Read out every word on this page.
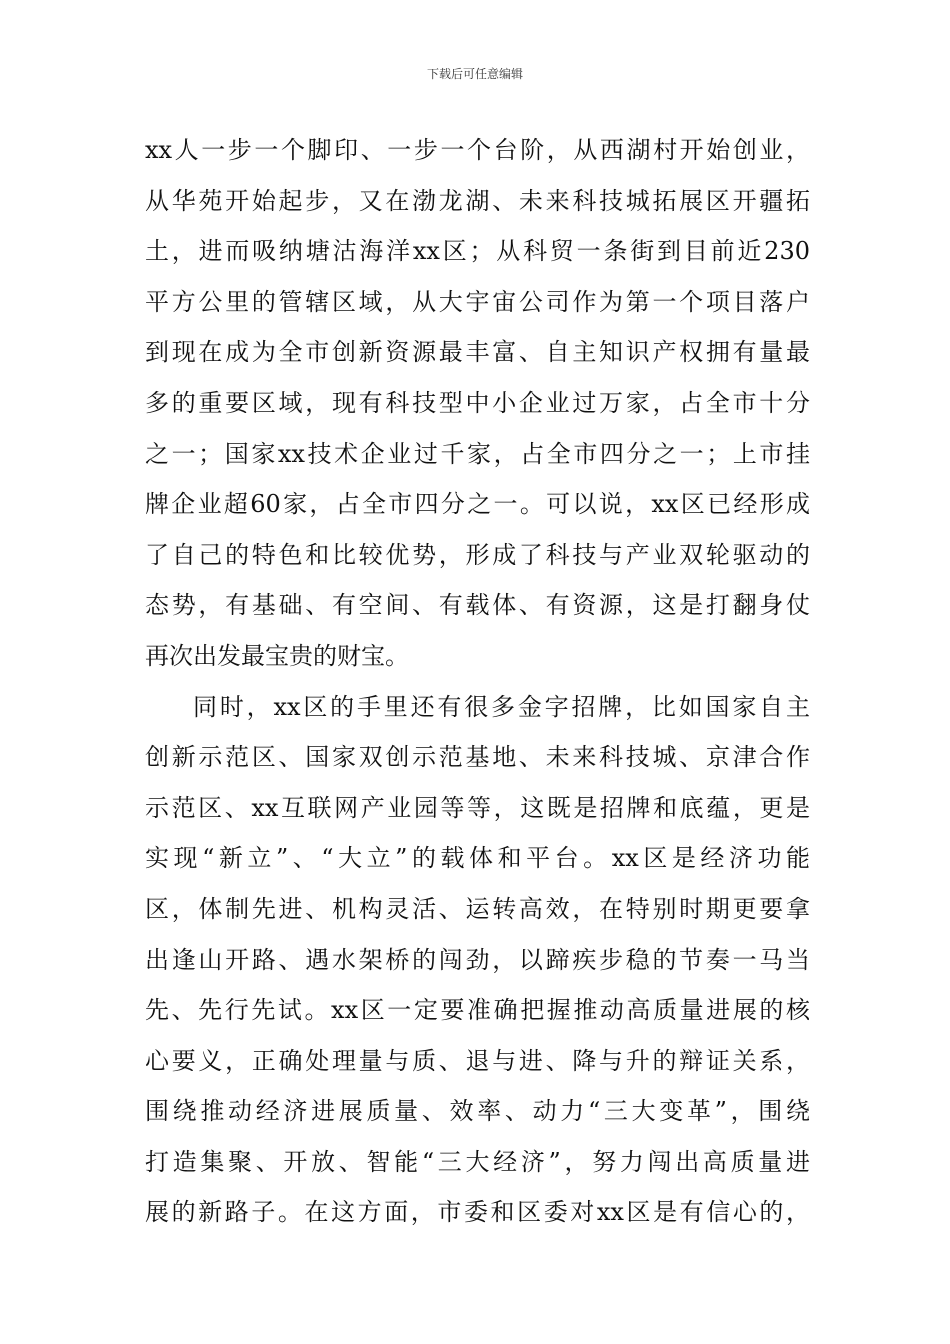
下载后可任意编辑
xx人一步一个脚印、一步一个台阶，从西湖村开始创业，
从华苑开始起步，又在渤龙湖、未来科技城拓展区开疆拓
土，进而吸纳塘沽海洋xx区；从科贸一条街到目前近230
平方公里的管辖区域，从大宇宙公司作为第一个项目落户
到现在成为全市创新资源最丰富、自主知识产权拥有量最
多的重要区域，现有科技型中小企业过万家，占全市十分
之一；国家xx技术企业过千家，占全市四分之一；上市挂
牌企业超60家，占全市四分之一。可以说，xx区已经形成
了自己的特色和比较优势，形成了科技与产业双轮驱动的
态势，有基础、有空间、有载体、有资源，这是打翻身仗
再次出发最宝贵的财宝。
同时，xx区的手里还有很多金字招牌，比如国家自主
创新示范区、国家双创示范基地、未来科技城、京津合作
示范区、xx互联网产业园等等，这既是招牌和底蕴，更是
实现“新立”、“大立”的载体和平台。xx区是经济功能
区，体制先进、机构灵活、运转高效，在特别时期更要拿
出逢山开路、遇水架桥的闯劲，以蹄疾步稳的节奏一马当
先、先行先试。xx区一定要准确把握推动高质量进展的核
心要义，正确处理量与质、退与进、降与升的辩证关系，
围绕推动经济进展质量、效率、动力“三大变革”，围绕
打造集聚、开放、智能“三大经济”，努力闯出高质量进
展的新路子。在这方面，市委和区委对xx区是有信心的，
